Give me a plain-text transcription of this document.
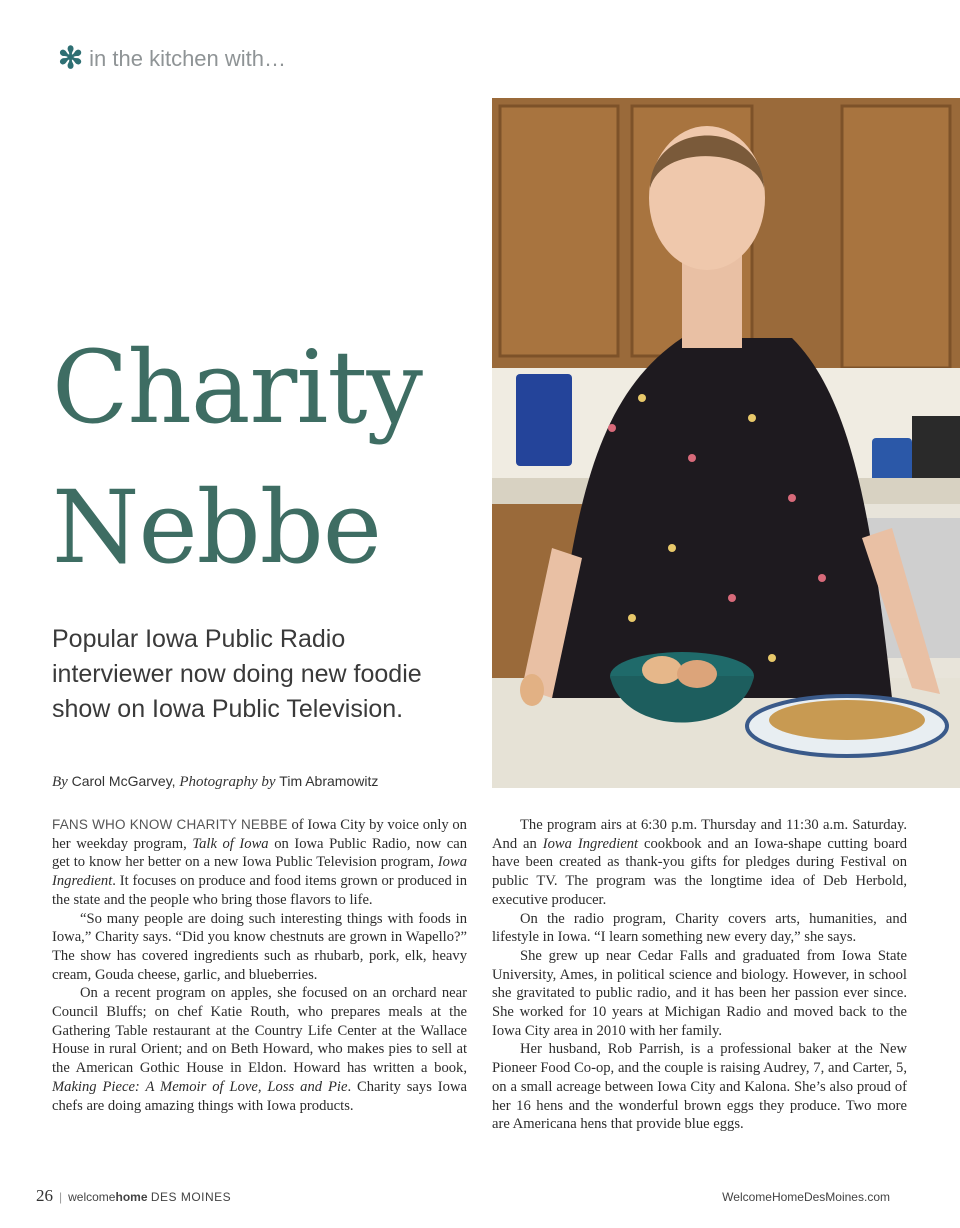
✻ in the kitchen with…
Charity
Nebbe
Popular Iowa Public Radio interviewer now doing new foodie show on Iowa Public Television.
By Carol McGarvey, Photography by Tim Abramowitz

FANS WHO KNOW CHARITY NEBBE of Iowa City by voice only on her weekday program, Talk of Iowa on Iowa Public Radio, now can get to know her better on a new Iowa Public Television program, Iowa Ingredient. It focuses on produce and food items grown or produced in the state and the people who bring those flavors to life.

“So many people are doing such interesting things with foods in Iowa,” Charity says. “Did you know chestnuts are grown in Wapello?” The show has covered ingredients such as rhubarb, pork, elk, heavy cream, Gouda cheese, garlic, and blueberries.

On a recent program on apples, she focused on an orchard near Council Bluffs; on chef Katie Routh, who prepares meals at the Gathering Table restaurant at the Country Life Center at the Wallace House in rural Orient; and on Beth Howard, who makes pies to sell at the American Gothic House in Eldon. Howard has written a book, Making Piece: A Memoir of Love, Loss and Pie. Charity says Iowa chefs are doing amazing things with Iowa products.

The program airs at 6:30 p.m. Thursday and 11:30 a.m. Saturday. And an Iowa Ingredient cookbook and an Iowa-shape cutting board have been created as thank-you gifts for pledges during Festival on public TV. The program was the longtime idea of Deb Herbold, executive producer.

On the radio program, Charity covers arts, humanities, and lifestyle in Iowa. “I learn something new every day,” she says.

She grew up near Cedar Falls and graduated from Iowa State University, Ames, in political science and biology. However, in school she gravitated to public radio, and it has been her passion ever since. She worked for 10 years at Michigan Radio and moved back to the Iowa City area in 2010 with her family.

Her husband, Rob Parrish, is a professional baker at the New Pioneer Food Co-op, and the couple is raising Audrey, 7, and Carter, 5, on a small acreage between Iowa City and Kalona. She’s also proud of her 16 hens and the wonderful brown eggs they produce. Two more are Americana hens that provide blue eggs.

26 | welcomehome DES MOINES	WelcomeHomeDesMoines.com
